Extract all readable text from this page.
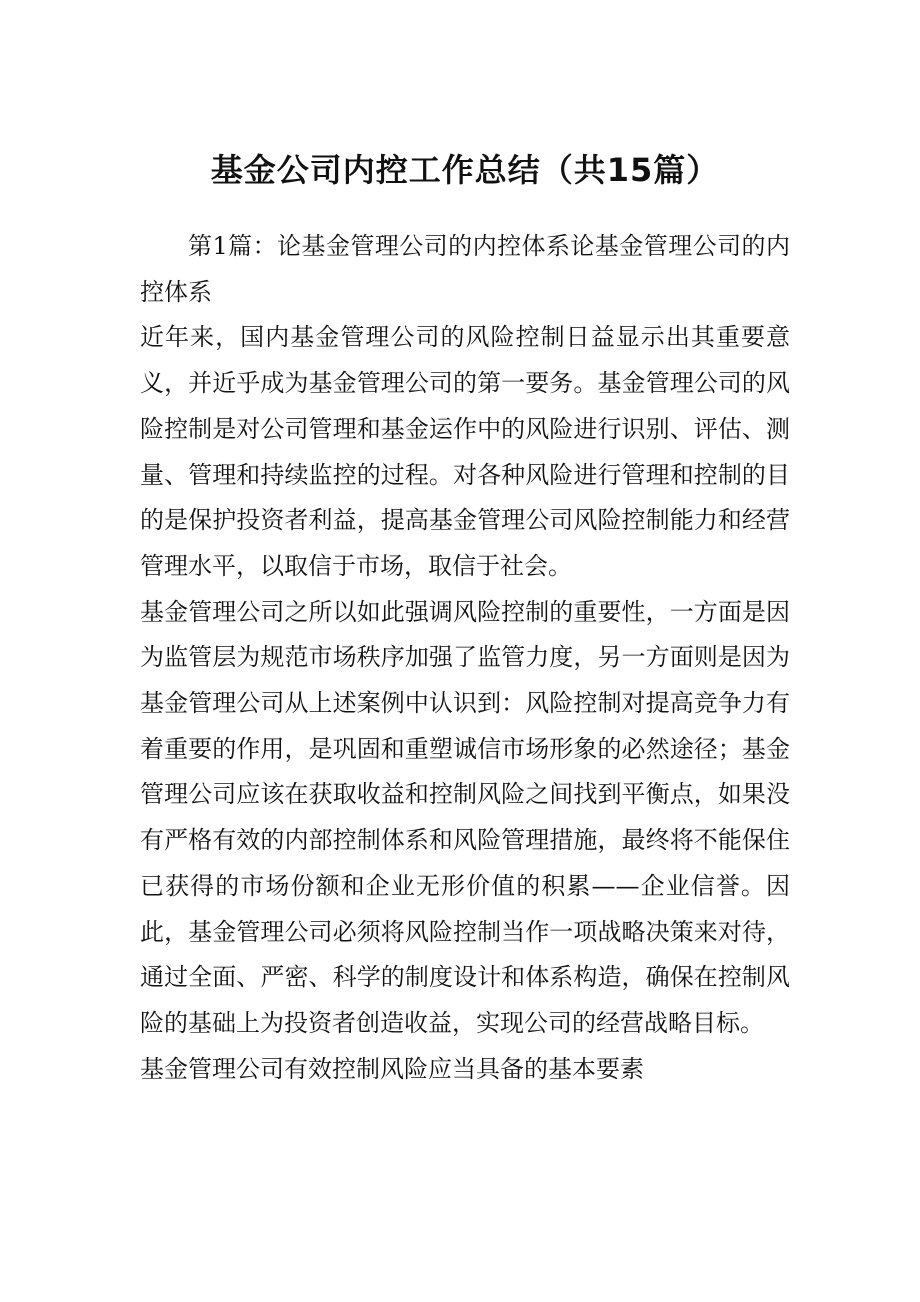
基金公司内控工作总结（共15篇）

第1篇：论基金管理公司的内控体系论基金管理公司的内控体系

近年来，国内基金管理公司的风险控制日益显示出其重要意义，并近乎成为基金管理公司的第一要务。基金管理公司的风险控制是对公司管理和基金运作中的风险进行识别、评估、测量、管理和持续监控的过程。对各种风险进行管理和控制的目的是保护投资者利益，提高基金管理公司风险控制能力和经营管理水平，以取信于市场，取信于社会。

基金管理公司之所以如此强调风险控制的重要性，一方面是因为监管层为规范市场秩序加强了监管力度，另一方面则是因为基金管理公司从上述案例中认识到：风险控制对提高竞争力有着重要的作用，是巩固和重塑诚信市场形象的必然途径；基金管理公司应该在获取收益和控制风险之间找到平衡点，如果没有严格有效的内部控制体系和风险管理措施，最终将不能保住已获得的市场份额和企业无形价值的积累——企业信誉。因此，基金管理公司必须将风险控制当作一项战略决策来对待，通过全面、严密、科学的制度设计和体系构造，确保在控制风险的基础上为投资者创造收益，实现公司的经营战略目标。

基金管理公司有效控制风险应当具备的基本要素
